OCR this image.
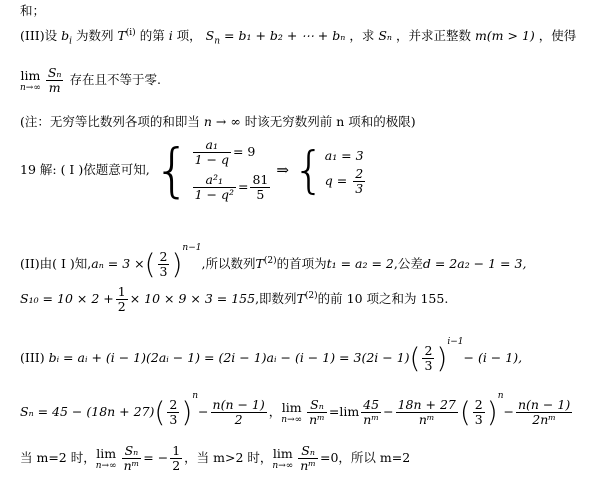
和；
(III)设 $b_i$ 为数列 $T^{(i)}$ 的第 i 项， $S_n = b_1 + b_2$ + ⋯ + bₙ ，求 Sₙ ，并求正整数 m(m > 1) ，使得
lim
$n\to\infty \frac{\text{Sₙ}}{m}$ 存在且不等于零.
(注：无穷等比数列各项的和即当 n → ∞ 时该无穷数列前 n 项和的极限)
19 解: ( I )依题意可知, { $\frac{\text{a₁}}{1 - q} = 9$
$\frac{\text{a²₁}}{\text{1 − q²}} = \frac{81}{5}$
⇒ { a₁ = 3
$q = \frac{2}{3}$
(II)由( I )知,aₙ = 3 ×( $\frac{2}{3} )^{n-1}$,所以数列$T^{(2)}$的首项为t₁ = a₂ = 2,公差d = 2a₂ − 1 = 3,
$S_{10} = 10 \times 2 + \frac{1}{2} \times 10 \times 9 \times 3 = 155$,即数列$T^{(2)}$的前 10 项之和为 155.
(III) bᵢ = aᵢ + (i − 1)(2aᵢ − 1) = (2i − 1)aᵢ − $(i - 1) = 3(2i - 1)( \frac{2}{3} )^{i-1}- (i - 1)$,
$S_n = 45 - (18n + 27)( \frac{2}{3} )^n- \frac{n(n - 1)}{2}$ ， lim
$n\to\infty \frac{\text{Sₙ}}{\text{nᵐ}} =\lim \frac{45}{\text{nᵐ}} - \frac{18n + 27}{\text{nᵐ}}$ ( $\frac{2}{3} )^n- \frac{n(n - 1)}{\text{2nᵐ}}$
当 m=2 时， lim
$n\to\infty \frac{\text{Sₙ}}{\text{nᵐ}}$ = − $\frac{1}{2}$ ，当 m>2 时， lim
$n\to\infty \frac{\text{Sₙ}}{\text{nᵐ}} =0$，所以 m=2
